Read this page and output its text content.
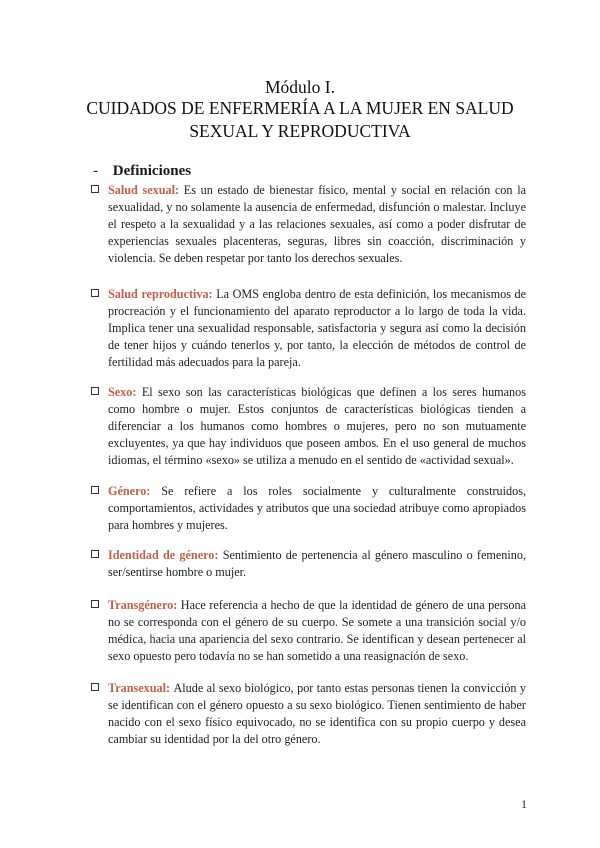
Módulo I.
CUIDADOS DE ENFERMERÍA A LA MUJER EN SALUD
SEXUAL Y REPRODUCTIVA
- Definiciones
Salud sexual: Es un estado de bienestar físico, mental y social en relación con la sexualidad, y no solamente la ausencia de enfermedad, disfunción o malestar. Incluye el respeto a la sexualidad y a las relaciones sexuales, así como a poder disfrutar de experiencias sexuales placenteras, seguras, libres sin coacción, discriminación y violencia. Se deben respetar por tanto los derechos sexuales.
Salud reproductiva: La OMS engloba dentro de esta definición, los mecanismos de procreación y el funcionamiento del aparato reproductor a lo largo de toda la vida. Implica tener una sexualidad responsable, satisfactoria y segura así como la decisión de tener hijos y cuándo tenerlos y, por tanto, la elección de métodos de control de fertilidad más adecuados para la pareja.
Sexo: El sexo son las características biológicas que definen a los seres humanos como hombre o mujer. Estos conjuntos de características biológicas tienden a diferenciar a los humanos como hombres o mujeres, pero no son mutuamente excluyentes, ya que hay individuos que poseen ambos. En el uso general de muchos idiomas, el término «sexo» se utiliza a menudo en el sentido de «actividad sexual».
Género: Se refiere a los roles socialmente y culturalmente construidos, comportamientos, actividades y atributos que una sociedad atribuye como apropiados para hombres y mujeres.
Identidad de género: Sentimiento de pertenencia al género masculino o femenino, ser/sentirse hombre o mujer.
Transgénero: Hace referencia a hecho de que la identidad de género de una persona no se corresponda con el género de su cuerpo. Se somete a una transición social y/o médica, hacia una apariencia del sexo contrario. Se identifican y desean pertenecer al sexo opuesto pero todavía no se han sometido a una reasignación de sexo.
Transexual: Alude al sexo biológico, por tanto estas personas tienen la convicción y se identifican con el género opuesto a su sexo biológico. Tienen sentimiento de haber nacido con el sexo físico equivocado, no se identifica con su propio cuerpo y desea cambiar su identidad por la del otro género.
1
